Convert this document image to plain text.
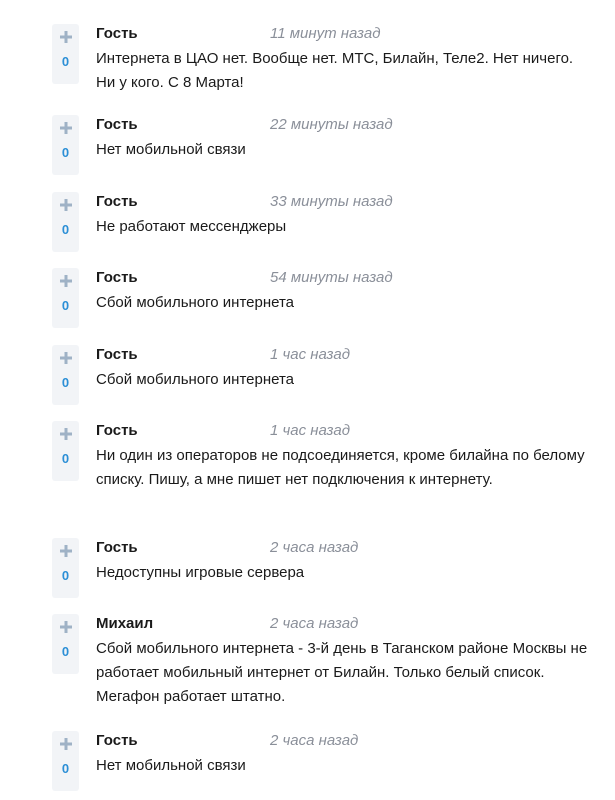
0
Гость	11 минут назад
Интернета в ЦАО нет. Вообще нет. МТС, Билайн, Теле2. Нет ничего. Ни у кого. С 8 Марта!
0
Гость	22 минуты назад
Нет мобильной связи
0
Гость	33 минуты назад
Не работают мессенджеры
0
Гость	54 минуты назад
Сбой мобильного интернета
0
Гость	1 час назад
Сбой мобильного интернета
0
Гость	1 час назад
Ни один из операторов не подсоединяется, кроме билайна по белому списку. Пишу, а мне пишет нет подключения к интернету.
0
Гость	2 часа назад
Недоступны игровые сервера
0
Михаил	2 часа назад
Сбой мобильного интернета - 3-й день в Таганском районе Москвы не работает мобильный интернет от Билайн. Только белый список. Мегафон работает штатно.
0
Гость	2 часа назад
Нет мобильной связи
